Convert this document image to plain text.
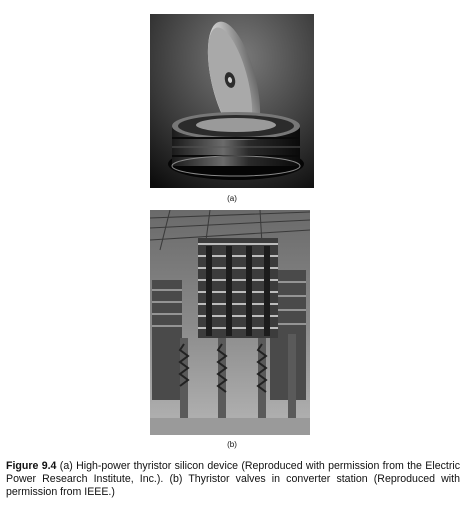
(a)
(b)
Figure 9.4 (a) High-power thyristor silicon device (Reproduced with permission from the Electric Power Research Institute, Inc.). (b) Thyristor valves in converter station (Reproduced with permission from IEEE.)
